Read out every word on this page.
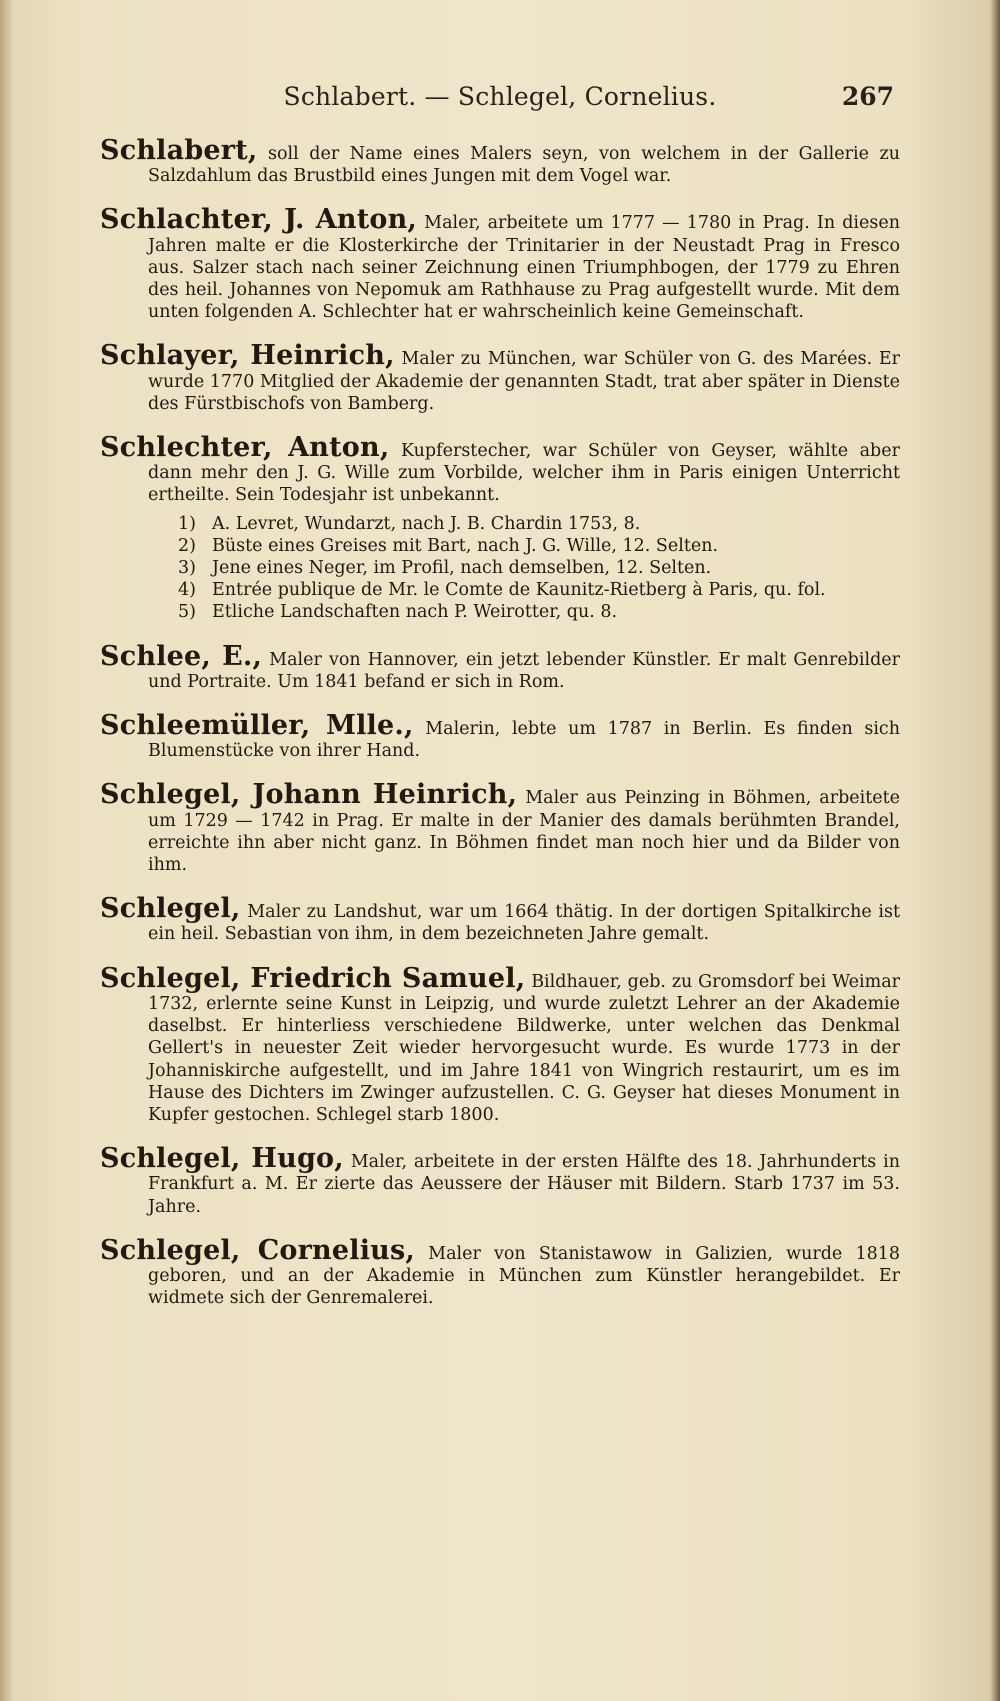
Schlabert. — Schlegel, Cornelius.	267
Schlabert, soll der Name eines Malers seyn, von welchem in der Gallerie zu Salzdahlum das Brustbild eines Jungen mit dem Vogel war.
Schlachter, J. Anton, Maler, arbeitete um 1777 — 1780 in Prag. In diesen Jahren malte er die Klosterkirche der Trinitarier in der Neustadt Prag in Fresco aus. Salzer stach nach seiner Zeichnung einen Triumphbogen, der 1779 zu Ehren des heil. Johannes von Nepomuk am Rathhause zu Prag aufgestellt wurde. Mit dem unten folgenden A. Schlechter hat er wahrscheinlich keine Gemeinschaft.
Schlayer, Heinrich, Maler zu München, war Schüler von G. des Marées. Er wurde 1770 Mitglied der Akademie der genannten Stadt, trat aber später in Dienste des Fürstbischofs von Bamberg.
Schlechter, Anton, Kupferstecher, war Schüler von Geyser, wählte aber dann mehr den J. G. Wille zum Vorbilde, welcher ihm in Paris einigen Unterricht ertheilte. Sein Todesjahr ist unbekannt.
1) A. Levret, Wundarzt, nach J. B. Chardin 1753, 8.
2) Büste eines Greises mit Bart, nach J. G. Wille, 12. Selten.
3) Jene eines Neger, im Profil, nach demselben, 12. Selten.
4) Entrée publique de Mr. le Comte de Kaunitz-Rietberg à Paris, qu. fol.
5) Etliche Landschaften nach P. Weirotter, qu. 8.
Schlee, E., Maler von Hannover, ein jetzt lebender Künstler. Er malt Genrebilder und Portraite. Um 1841 befand er sich in Rom.
Schleemüller, Mlle., Malerin, lebte um 1787 in Berlin. Es finden sich Blumenstücke von ihrer Hand.
Schlegel, Johann Heinrich, Maler aus Peinzing in Böhmen, arbeitete um 1729 — 1742 in Prag. Er malte in der Manier des damals berühmten Brandel, erreichte ihn aber nicht ganz. In Böhmen findet man noch hier und da Bilder von ihm.
Schlegel, Maler zu Landshut, war um 1664 thätig. In der dortigen Spitalkirche ist ein heil. Sebastian von ihm, in dem bezeichneten Jahre gemalt.
Schlegel, Friedrich Samuel, Bildhauer, geb. zu Gromsdorf bei Weimar 1732, erlernte seine Kunst in Leipzig, und wurde zuletzt Lehrer an der Akademie daselbst. Er hinterliess verschiedene Bildwerke, unter welchen das Denkmal Gellert's in neuester Zeit wieder hervorgesucht wurde. Es wurde 1773 in der Johanniskirche aufgestellt, und im Jahre 1841 von Wingrich restaurirt, um es im Hause des Dichters im Zwinger aufzustellen. C. G. Geyser hat dieses Monument in Kupfer gestochen. Schlegel starb 1800.
Schlegel, Hugo, Maler, arbeitete in der ersten Hälfte des 18. Jahrhunderts in Frankfurt a. M. Er zierte das Aeussere der Häuser mit Bildern. Starb 1737 im 53. Jahre.
Schlegel, Cornelius, Maler von Stanistawow in Galizien, wurde 1818 geboren, und an der Akademie in München zum Künstler herangebildet. Er widmete sich der Genremalerei.
